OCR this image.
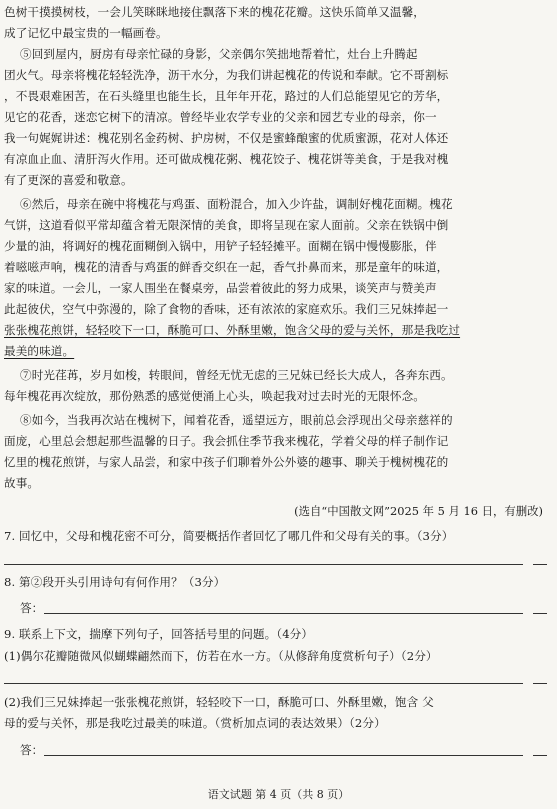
色树干摸摸树枝，一会儿笑眯眯地接住飘落下来的槐花花瓣。这快乐简单又温馨，
成了记忆中最宝贵的一幅画卷。
⑤回到屋内，厨房有母亲忙碌的身影，父亲偶尔笑拙地帮着忙，灶台上升腾起
团火气。母亲将槐花轻轻洗净，沥干水分，为我们讲起槐花的传说和奉献。它不哥割标
，不畏艰难困苦，在石头缝里也能生长，且年年开花，路过的人们总能望见它的芳华，
见它的花香，迷恋它树下的清凉。曾经毕业农学专业的父亲和园艺专业的母亲，你一
我一句娓娓讲述：槐花别名金药树、护房树，不仅是蜜蜂酿蜜的优质蜜源，花对人体还
有凉血止血、清肝泻火作用。还可做成槐花粥、槐花饺子、槐花饼等美食，于是我对槐
有了更深的喜爱和敬意。
⑥然后，母亲在碗中将槐花与鸡蛋、面粉混合，加入少许盐，调制好槐花面糊。槐花
气饼，这道看似平常却蕴含着无限深情的美食，即将呈现在家人面前。父亲在铁锅中倒
少量的油，将调好的槐花面糊倒入锅中，用铲子轻轻摊平。面糊在锅中慢慢膨胀，伴
着嗞嗞声响，槐花的清香与鸡蛋的鲜香交织在一起，香气扑鼻而来，那是童年的味道，
家的味道。一会儿，一家人围坐在餐桌旁，品尝着彼此的努力成果，谈笑声与赞美声
此起彼伏，空气中弥漫的，除了食物的香味，还有浓浓的家庭欢乐。我们三兄妹捧起一
张张槐花煎饼，轻轻咬下一口，酥脆可口、外酥里嫩，饱含父母的爱与关怀，那是我吃过
最美的味道。
⑦时光荏苒，岁月如梭，转眼间，曾经无忧无虑的三兄妹已经长大成人，各奔东西。
每年槐花再次绽放，那份熟悉的感觉便涌上心头，唤起我对过去时光的无限怀念。
⑧如今，当我再次站在槐树下，闻着花香，遥望远方，眼前总会浮现出父母亲慈祥的
面庞，心里总会想起那些温馨的日子。我会抓住季节我来槐花，学着父母的样子制作记
忆里的槐花煎饼，与家人品尝，和家中孩子们聊着外公外婆的趣事、聊关于槐树槐花的
故事。
(选自“中国散文网”2025 年 5 月 16 日，有删改)
7. 回忆中，父母和槐花密不可分，简要概括作者回忆了哪几件和父母有关的事。（3分）
8. 第②段开头引用诗句有何作用？（3分）
答：
9. 联系上下文，揣摩下列句子，回答括号里的问题。（4分）
(1)偶尔花瓣随微风似蝴蝶翩然而下，仿若在水一方。（从修辞角度赏析句子）（2分）
(2)我们三兄妹捧起一张张槐花煎饼，轻轻咬下一口，酥脆可口、外酥里嫩，饱含 父
母的爱与关怀，那是我吃过最美的味道。（赏析加点词的表达效果）（2分）
答：
语文试题 第 4 页（共 8 页）
